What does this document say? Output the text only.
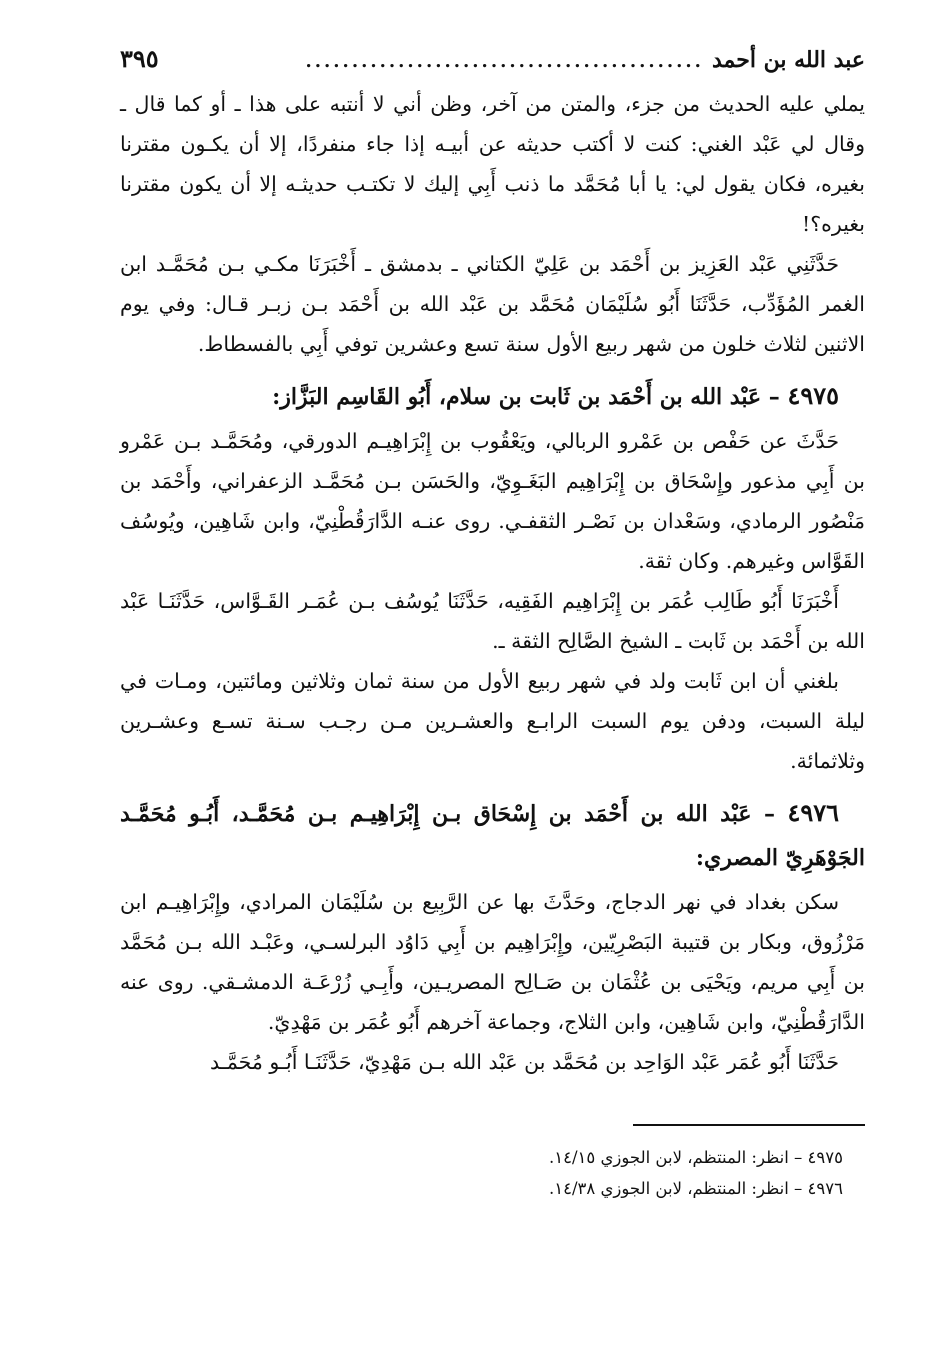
عبد الله بن أحمد
...........................................
٣٩٥

يملي عليه الحديث من جزء، والمتن من آخر، وظن أني لا أنتبه على هذا ـ أو كما قال ـ وقال لي عَبْد الغني: كنت لا أكتب حديثه عن أبيـه إذا جاء منفردًا، إلا أن يكـون مقترنا بغيره، فكان يقول لي: يا أبا مُحَمَّد ما ذنب أَبِي إليك لا تكتـب حديثـه إلا أن يكون مقترنا بغيره؟!

حَدَّثَنِي عَبْد العَزِيز بن أَحْمَد بن عَلِيّ الكتاني ـ بدمشق ـ أَخْبَرَنَا مكـي بـن مُحَمَّـد ابن الغمر المُؤَدِّب، حَدَّثَنَا أَبُو سُلَيْمَان مُحَمَّد بن عَبْد الله بن أَحْمَد بـن زبـر قـال: وفي يوم الاثنين لثلاث خلون من شهر ربيع الأول سنة تسع وعشرين توفي أَبِي بالفسطاط.

٤٩٧٥ – عَبْد الله بن أَحْمَد بن ثَابت بن سلام، أَبُو القَاسِم البَزَّاز:

حَدَّثَ عن حَفْص بن عَمْرو الربالي، ويَعْقُوب بن إِبْرَاهِيـم الدورقي، ومُحَمَّـد بـن عَمْرو بن أَبِي مذعور وإِسْحَاق بن إِبْرَاهِيم البَغَـوِيّ، والحَسَن بـن مُحَمَّـد الزعفراني، وأَحْمَد بن مَنْصُور الرمادي، وسَعْدان بن نَصْـر الثقفـي. روى عنـه الدَّارَقُطْنِيّ، وابن شَاهِين، ويُوسُف القَوَّاس وغيرهم. وكان ثقة.

أَخْبَرَنَا أَبُو طَالِب عُمَر بن إِبْرَاهِيم الفَقِيه، حَدَّثَنَا يُوسُف بـن عُمَـر القَـوَّاس، حَدَّثَنَـا عَبْد الله بن أَحْمَد بن ثَابت ـ الشيخ الصَّالِح الثقة ـ.

بلغني أن ابن ثَابت ولد في شهر ربيع الأول من سنة ثمان وثلاثين ومائتين، ومـات في ليلة السبت، ودفن يوم السبت الرابـع والعشـرين مـن رجـب سـنة تسـع وعشـرين وثلاثمائة.

٤٩٧٦ – عَبْد الله بن أَحْمَد بن إِسْحَاق بـن إِبْرَاهِيـم بـن مُحَمَّـد، أَبُـو مُحَمَّـد الجَوْهَرِيّ المصري:

سكن بغداد في نهر الدجاج، وحَدَّثَ بها عن الرَّبِيع بن سُلَيْمَان المرادي، وإِبْرَاهِيـم ابن مَرْزُوق، وبكار بن قتيبة البَصْرِيّين، وإِبْرَاهِيم بن أَبِي دَاوُد البرلسـي، وعَبْـد الله بـن مُحَمَّد بن أَبِي مريم، ويَحْيَى بن عُثْمَان بن صَـالِح المصريـين، وأَبِـي زُرْعَـة الدمشـقي. روى عنه الدَّارَقُطْنِيّ، وابن شَاهِين، وابن الثلاج، وجماعة آخرهم أَبُو عُمَر بن مَهْدِيّ.

حَدَّثَنَا أَبُو عُمَر عَبْد الوَاحِد بن مُحَمَّد بن عَبْد الله بـن مَهْدِيّ، حَدَّثَنَـا أَبُـو مُحَمَّـد

٤٩٧٥ – انظر: المنتظم، لابن الجوزي ١٤/١٥.

٤٩٧٦ – انظر: المنتظم، لابن الجوزي ١٤/٣٨.
